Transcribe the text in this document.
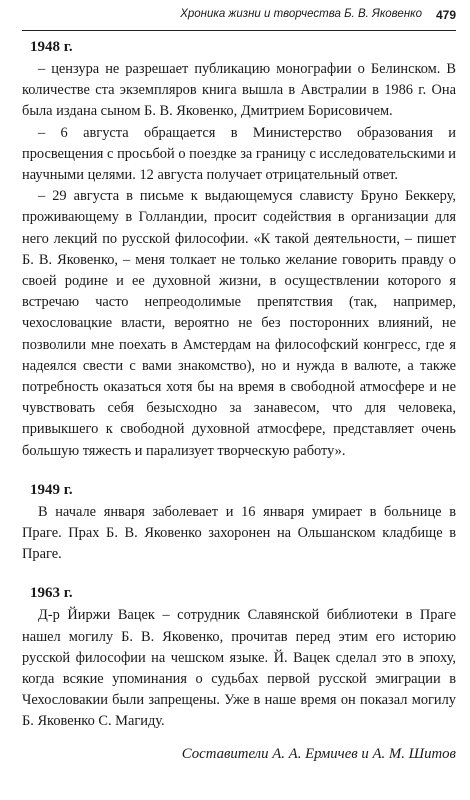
Хроника жизни и творчества Б. В. Яковенко 479
1948 г.

– цензура не разрешает публикацию монографии о Белинском. В количестве ста экземпляров книга вышла в Австралии в 1986 г. Она была издана сыном Б. В. Яковенко, Дмитрием Борисовичем.

– 6 августа обращается в Министерство образования и просвещения с просьбой о поездке за границу с исследовательскими и научными целями. 12 августа получает отрицательный ответ.

– 29 августа в письме к выдающемуся слависту Бруно Беккеру, проживающему в Голландии, просит содействия в организации для него лекций по русской философии. «К такой деятельности, – пишет Б. В. Яковенко, – меня толкает не только желание говорить правду о своей родине и ее духовной жизни, в осуществлении которого я встречаю часто непреодолимые препятствия (так, например, чехословацкие власти, вероятно не без посторонних влияний, не позволили мне поехать в Амстердам на философский конгресс, где я надеялся свести с вами знакомство), но и нужда в валюте, а также потребность оказаться хотя бы на время в свободной атмосфере и не чувствовать себя безысходно за занавесом, что для человека, привыкшего к свободной духовной атмосфере, представляет очень большую тяжесть и парализует творческую работу».

1949 г.

В начале января заболевает и 16 января умирает в больнице в Праге. Прах Б. В. Яковенко захоронен на Ольшанском кладбище в Праге.

1963 г.

Д-р Йиржи Вацек – сотрудник Славянской библиотеки в Праге нашел могилу Б. В. Яковенко, прочитав перед этим его историю русской философии на чешском языке. Й. Вацек сделал это в эпоху, когда всякие упоминания о судьбах первой русской эмиграции в Чехословакии были запрещены. Уже в наше время он показал могилу Б. Яковенко С. Магиду.

Составители А. А. Ермичев и А. М. Шитов
